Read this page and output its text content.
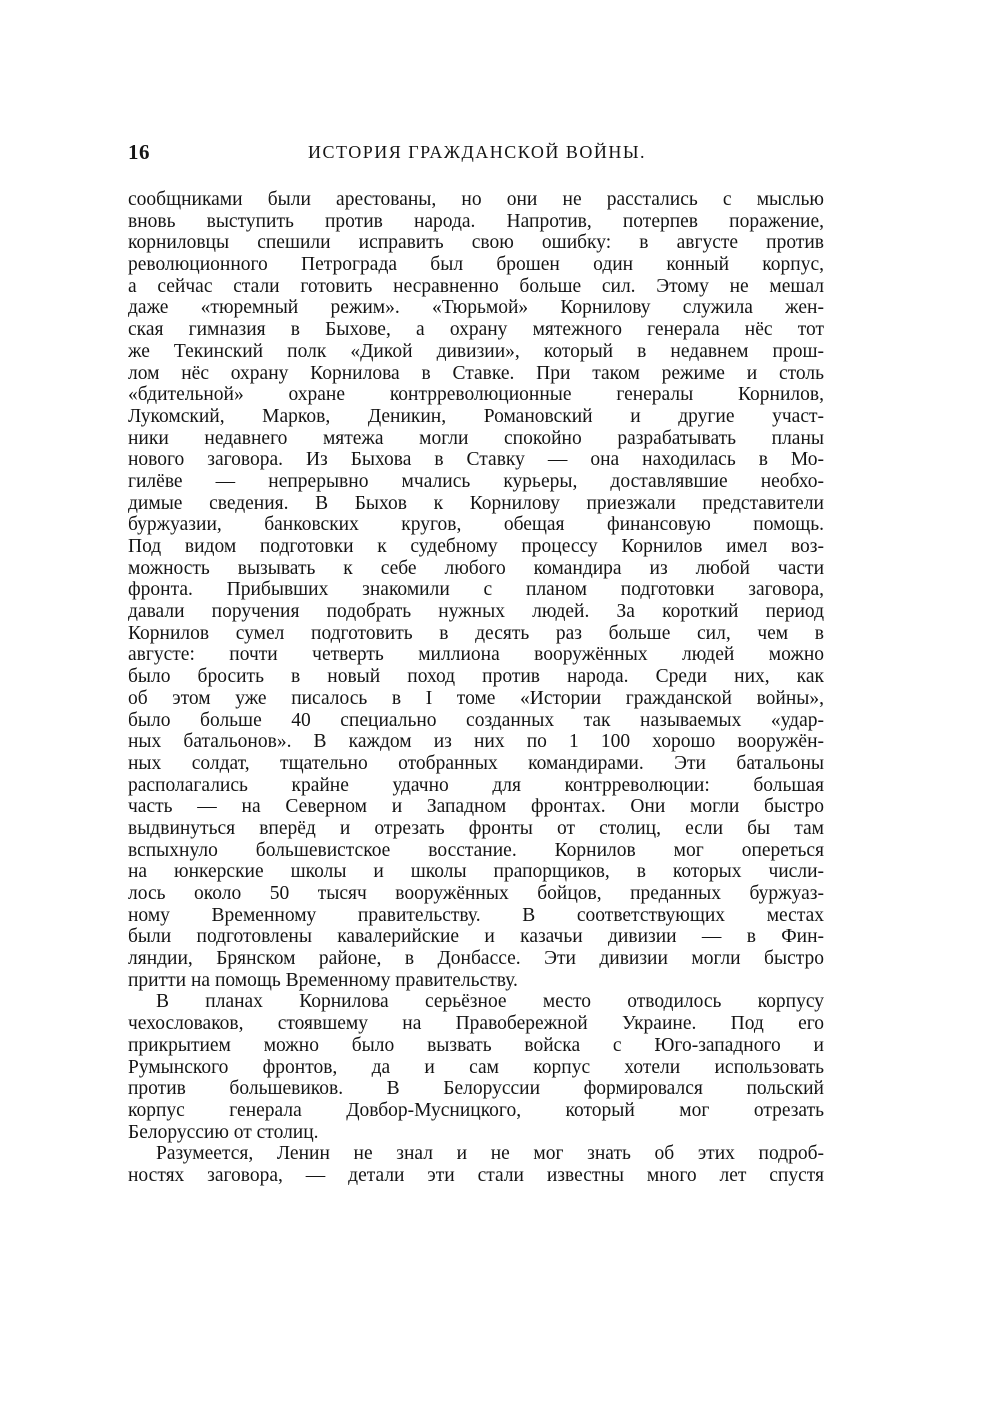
16	ИСТОРИЯ ГРАЖДАНСКОЙ ВОЙНЫ.
сообщниками были арестованы, но они не расстались с мыслью
вновь выступить против народа. Напротив, потерпев поражение,
корниловцы спешили исправить свою ошибку: в августе против
революционного Петрограда был брошен один конный корпус,
а сейчас стали готовить несравненно больше сил. Этому не мешал
даже «тюремный режим». «Тюрьмой» Корнилову служила жен-
ская гимназия в Быхове, а охрану мятежного генерала нёс тот
же Текинский полк «Дикой дивизии», который в недавнем прош-
лом нёс охрану Корнилова в Ставке. При таком режиме и столь
«бдительной» охране контрреволюционные генералы Корнилов,
Лукомский, Марков, Деникин, Романовский и другие участ-
ники недавнего мятежа могли спокойно разрабатывать планы
нового заговора. Из Быхова в Ставку — она находилась в Мо-
гилёве — непрерывно мчались курьеры, доставлявшие необхо-
димые сведения. В Быхов к Корнилову приезжали представители
буржуазии, банковских кругов, обещая финансовую помощь.
Под видом подготовки к судебному процессу Корнилов имел воз-
можность вызывать к себе любого командира из любой части
фронта. Прибывших знакомили с планом подготовки заговора,
давали поручения подобрать нужных людей. За короткий период
Корнилов сумел подготовить в десять раз больше сил, чем в
августе: почти четверть миллиона вооружённых людей можно
было бросить в новый поход против народа. Среди них, как
об этом уже писалось в I томе «Истории гражданской войны»,
было больше 40 специально созданных так называемых «удар-
ных батальонов». В каждом из них по 1 100 хорошо вооружён-
ных солдат, тщательно отобранных командирами. Эти батальоны
располагались крайне удачно для контрреволюции: большая
часть — на Северном и Западном фронтах. Они могли быстро
выдвинуться вперёд и отрезать фронты от столиц, если бы там
вспыхнуло большевистское восстание. Корнилов мог опереться
на юнкерские школы и школы прапорщиков, в которых числи-
лось около 50 тысяч вооружённых бойцов, преданных буржуаз-
ному Временному правительству. В соответствующих местах
были подготовлены кавалерийские и казачьи дивизии — в Фин-
ляндии, Брянском районе, в Донбассе. Эти дивизии могли быстро
притти на помощь Временному правительству.
В планах Корнилова серьёзное место отводилось корпусу
чехословаков, стоявшему на Правобережной Украине. Под его
прикрытием можно было вызвать войска с Юго-западного и
Румынского фронтов, да и сам корпус хотели использовать
против большевиков. В Белоруссии формировался польский
корпус генерала Довбор-Мусницкого, который мог отрезать
Белоруссию от столиц.
Разумеется, Ленин не знал и не мог знать об этих подроб-
ностях заговора, — детали эти стали известны много лет спустя
